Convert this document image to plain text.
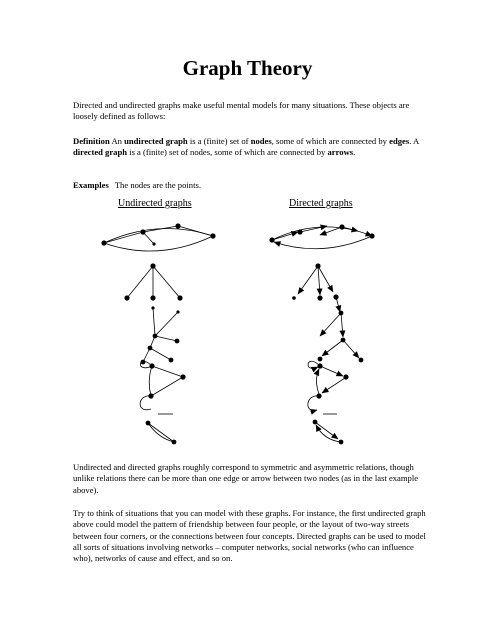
Graph Theory

Directed and undirected graphs make useful mental models for many situations. These objects are loosely defined as follows:

Definition An undirected graph is a (finite) set of nodes, some of which are connected by edges. A directed graph is a (finite) set of nodes, some of which are connected by arrows.

Examples The nodes are the points.

Undirected graphs	Directed graphs

Undirected and directed graphs roughly correspond to symmetric and asymmetric relations, though unlike relations there can be more than one edge or arrow between two nodes (as in the last example above).

Try to think of situations that you can model with these graphs. For instance, the first undirected graph above could model the pattern of friendship between four people, or the layout of two-way streets between four corners, or the connections between four concepts. Directed graphs can be used to model all sorts of situations involving networks – computer networks, social networks (who can influence who), networks of cause and effect, and so on.
